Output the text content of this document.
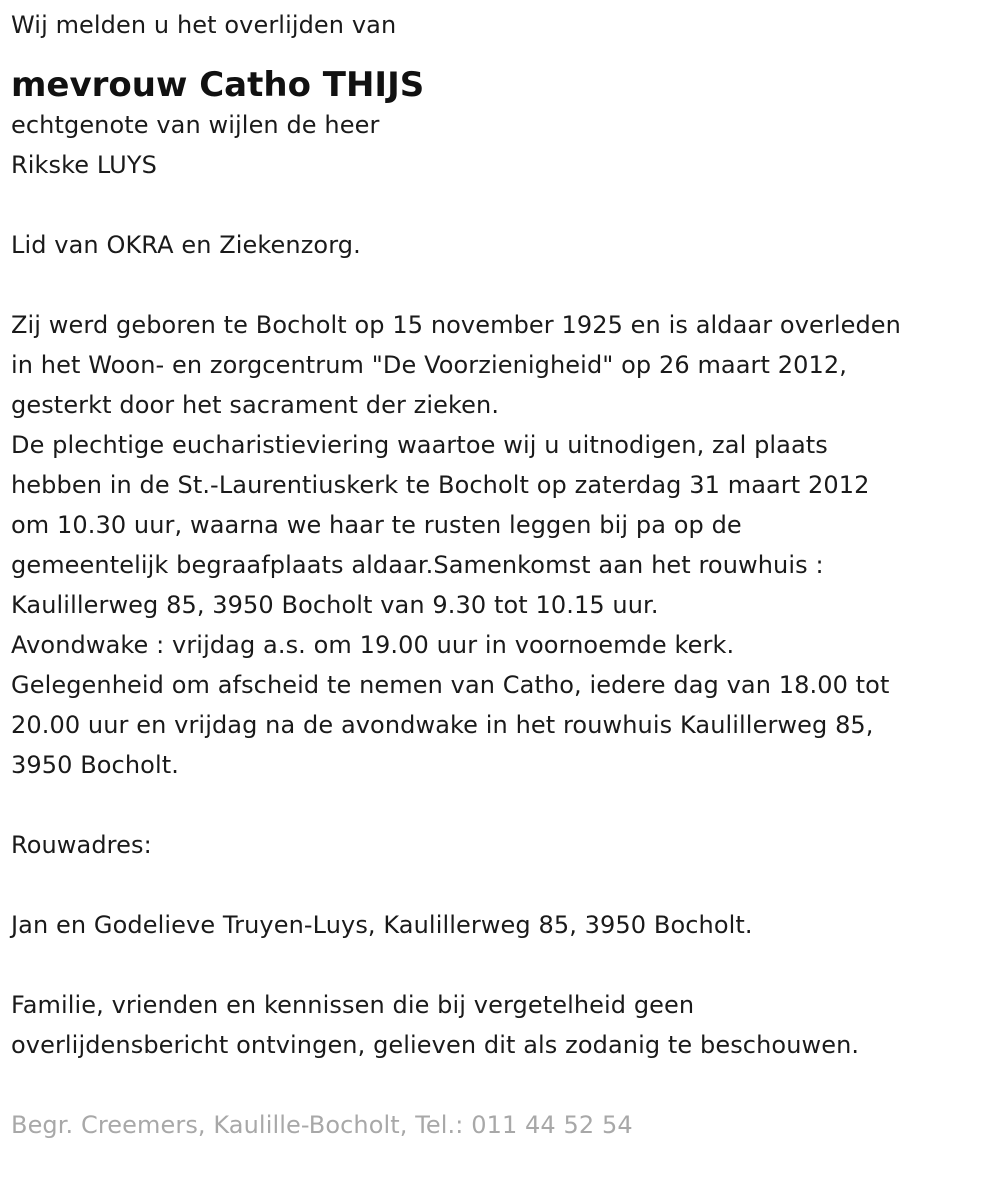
Wij melden u het overlijden van
mevrouw Catho THIJS
echtgenote van wijlen de heer
Rikske LUYS
Lid van OKRA en Ziekenzorg.
Zij werd geboren te Bocholt op 15 november 1925 en is aldaar overleden
in het Woon- en zorgcentrum "De Voorzienigheid" op 26 maart 2012,
gesterkt door het sacrament der zieken.
De plechtige eucharistieviering waartoe wij u uitnodigen, zal plaats
hebben in de St.-Laurentiuskerk te Bocholt op zaterdag 31 maart 2012
om 10.30 uur, waarna we haar te rusten leggen bij pa op de
gemeentelijk begraafplaats aldaar.Samenkomst aan het rouwhuis :
Kaulillerweg 85, 3950 Bocholt van 9.30 tot 10.15 uur.
Avondwake : vrijdag a.s. om 19.00 uur in voornoemde kerk.
Gelegenheid om afscheid te nemen van Catho, iedere dag van 18.00 tot
20.00 uur en vrijdag na de avondwake in het rouwhuis Kaulillerweg 85,
3950 Bocholt.
Rouwadres:
Jan en Godelieve Truyen-Luys, Kaulillerweg 85, 3950 Bocholt.
Familie, vrienden en kennissen die bij vergetelheid geen
overlijdensbericht ontvingen, gelieven dit als zodanig te beschouwen.
Begr. Creemers, Kaulille-Bocholt, Tel.: 011 44 52 54
